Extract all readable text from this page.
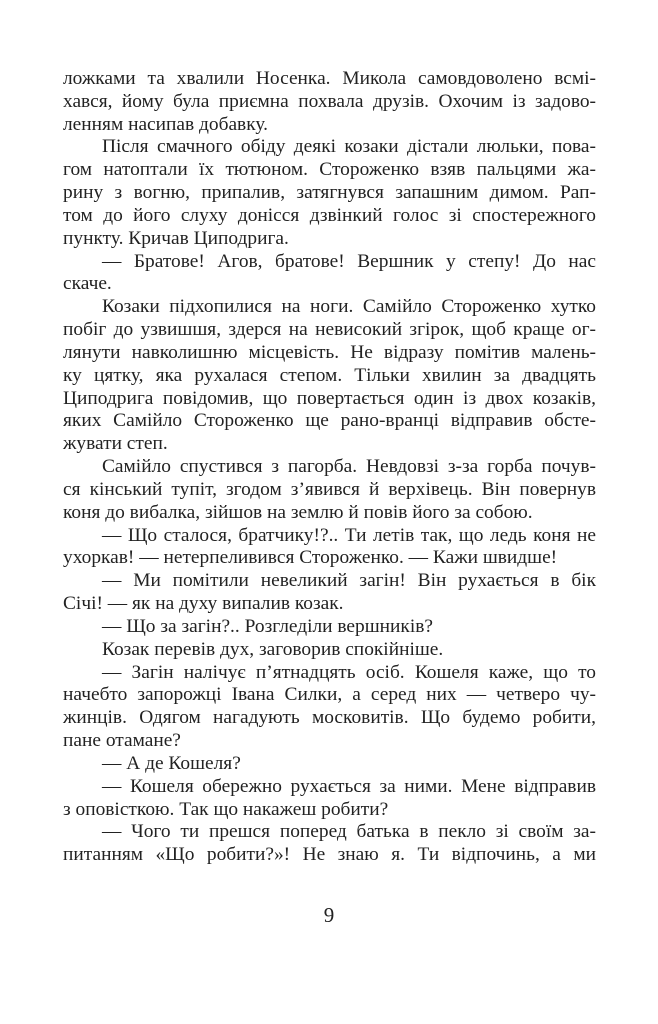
ложками та хвалили Носенка. Микола самовдоволено всмі-
хався, йому була приємна похвала друзів. Охочим із задово-
ленням насипав добавку.
Після смачного обіду деякі козаки дістали люльки, пова-
гом натоптали їх тютюном. Стороженко взяв пальцями жа-
рину з вогню, припалив, затягнувся запашним димом. Рап-
том до його слуху донісся дзвінкий голос зі спостережного
пункту. Кричав Циподрига.
— Братове! Агов, братове! Вершник у степу! До нас
скаче.
Козаки підхопилися на ноги. Самійло Стороженко хутко
побіг до узвишшя, здерся на невисокий згірок, щоб краще ог-
лянути навколишню місцевість. Не відразу помітив малень-
ку цятку, яка рухалася степом. Тільки хвилин за двадцять
Циподрига повідомив, що повертається один із двох козаків,
яких Самійло Стороженко ще рано-вранці відправив обсте-
жувати степ.
Самійло спустився з пагорба. Невдовзі з-за горба почув-
ся кінський тупіт, згодом з’явився й верхівець. Він повернув
коня до вибалка, зійшов на землю й повів його за собою.
— Що сталося, братчику!?.. Ти летів так, що ледь коня не
ухоркав! — нетерпеливився Стороженко. — Кажи швидше!
— Ми помітили невеликий загін! Він рухається в бік
Січі! — як на духу випалив козак.
— Що за загін?.. Розгледіли вершників?
Козак перевів дух, заговорив спокійніше.
— Загін налічує п’ятнадцять осіб. Кошеля каже, що то
начебто запорожці Івана Силки, а серед них — четверо чу-
жинців. Одягом нагадують московитів. Що будемо робити,
пане отамане?
— А де Кошеля?
— Кошеля обережно рухається за ними. Мене відправив
з оповісткою. Так що накажеш робити?
— Чого ти прешся поперед батька в пекло зі своїм за-
питанням «Що робити?»! Не знаю я. Ти відпочинь, а ми
9
